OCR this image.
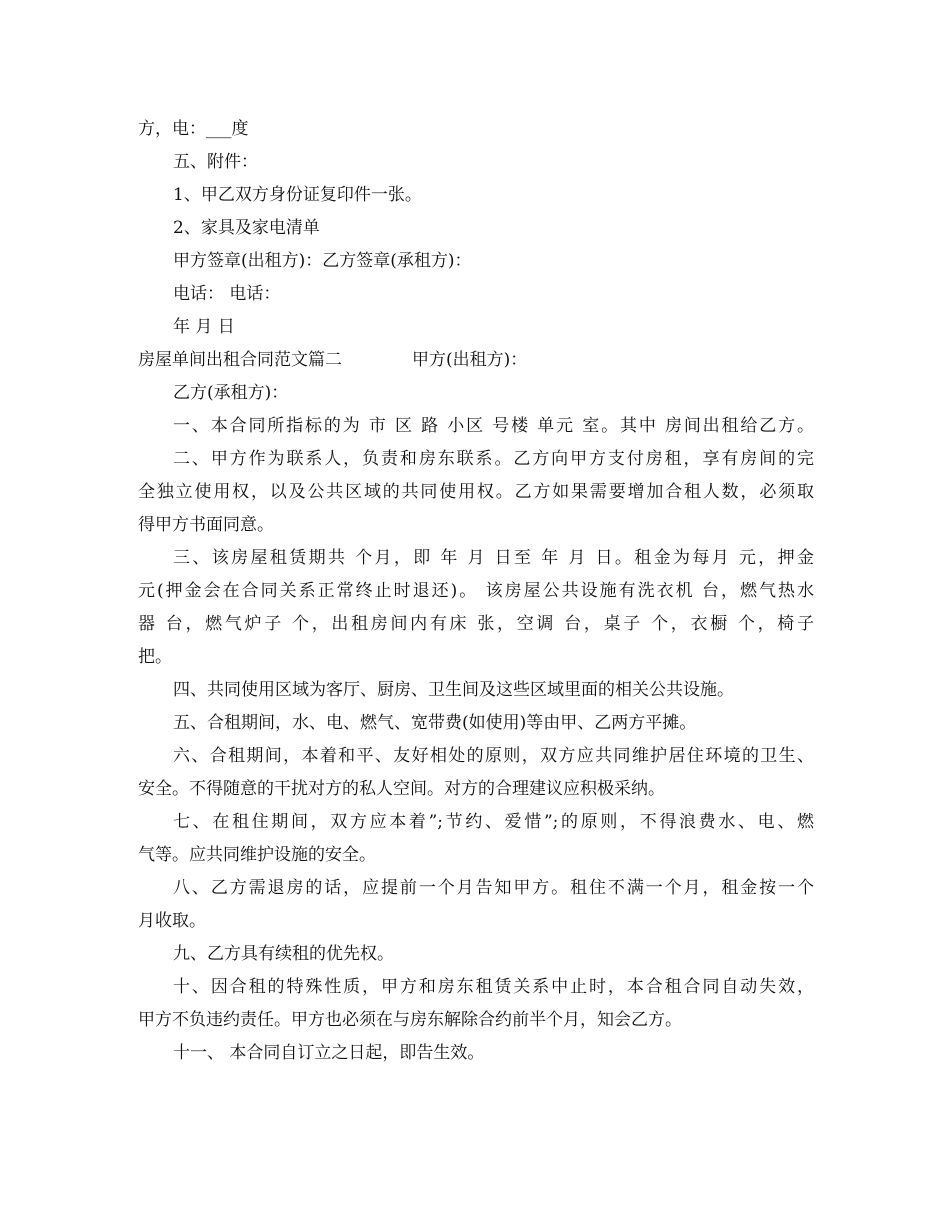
方，电：___度
五、附件：
1、甲乙双方身份证复印件一张。
2、家具及家电清单
甲方签章(出租方)：乙方签章(承租方)：
电话： 电话：
年 月 日
房屋单间出租合同范文篇二	甲方(出租方)：
乙方(承租方)：
一、本合同所指标的为 市 区 路 小区 号楼 单元 室。其中 房间出租给乙方。
二、甲方作为联系人，负责和房东联系。乙方向甲方支付房租，享有房间的完
全独立使用权，以及公共区域的共同使用权。乙方如果需要增加合租人数，必须取
得甲方书面同意。
三、该房屋租赁期共 个月，即 年 月 日至 年 月 日。租金为每月 元，押金
元(押金会在合同关系正常终止时退还)。 该房屋公共设施有洗衣机 台，燃气热水
器 台，燃气炉子 个，出租房间内有床 张，空调 台，桌子 个，衣橱 个，椅子
把。
四、共同使用区域为客厅、厨房、卫生间及这些区域里面的相关公共设施。
五、合租期间，水、电、燃气、宽带费(如使用)等由甲、乙两方平摊。
六、合租期间，本着和平、友好相处的原则，双方应共同维护居住环境的卫生、
安全。不得随意的干扰对方的私人空间。对方的合理建议应积极采纳。
七、在租住期间，双方应本着”;节约、爱惜”;的原则，不得浪费水、电、燃
气等。应共同维护设施的安全。
八、乙方需退房的话，应提前一个月告知甲方。租住不满一个月，租金按一个
月收取。
九、乙方具有续租的优先权。
十、因合租的特殊性质，甲方和房东租赁关系中止时，本合租合同自动失效，
甲方不负违约责任。甲方也必须在与房东解除合约前半个月，知会乙方。
十一、 本合同自订立之日起，即告生效。
